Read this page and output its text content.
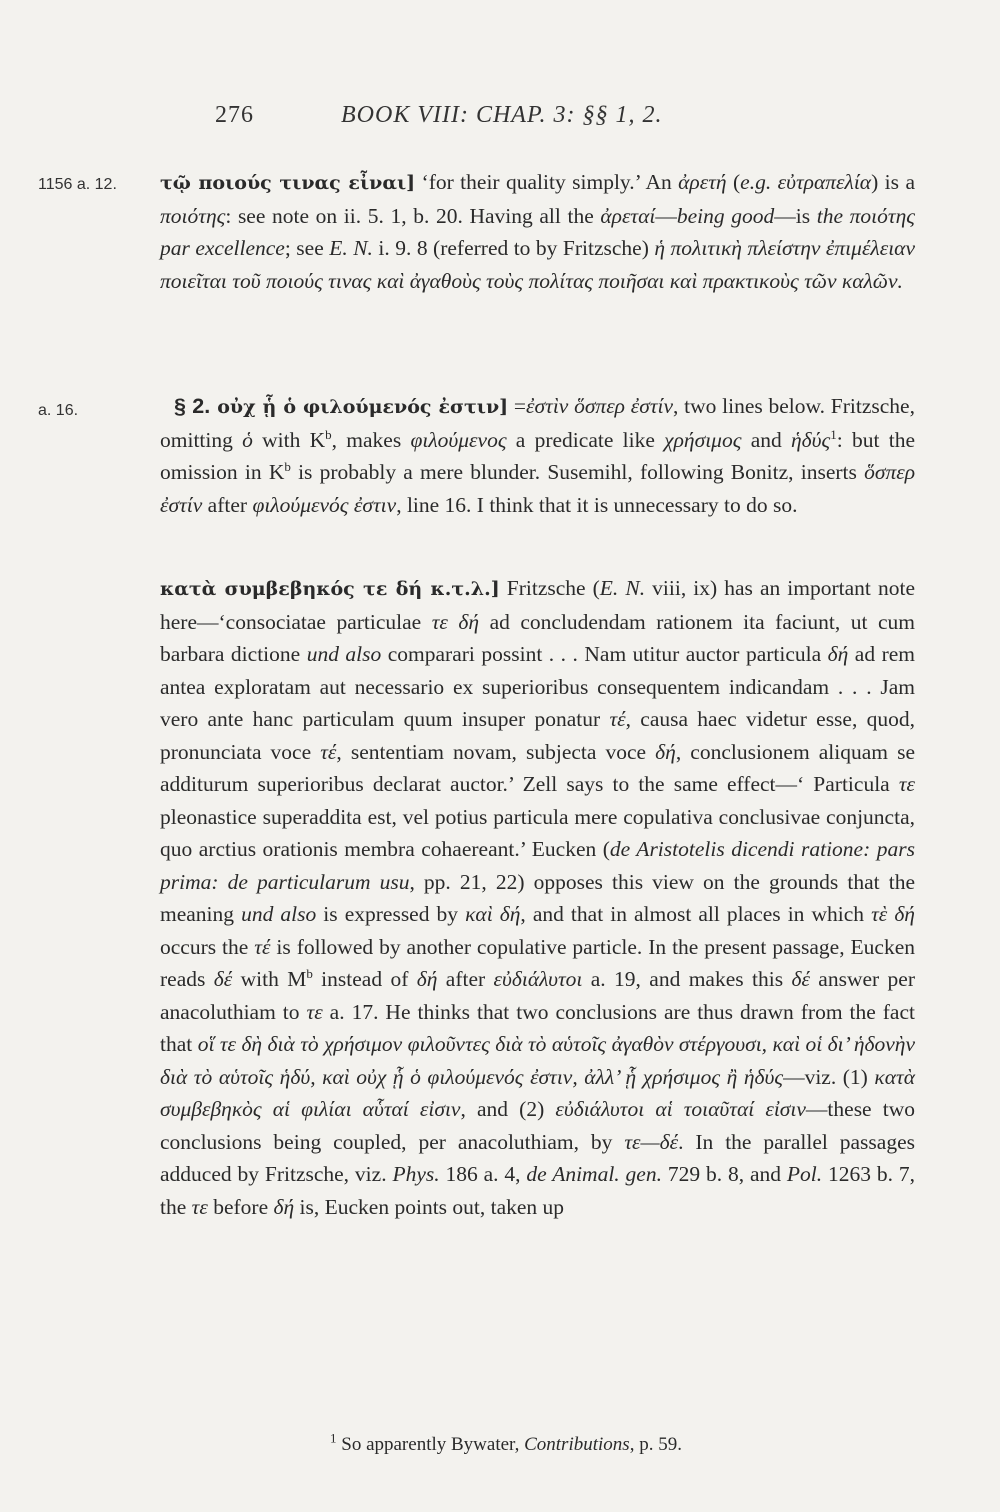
276	BOOK VIII: CHAP. 3: §§ 1, 2.
1156 a. 12.
a. 16.
τῷ ποιούς τινας εἶναι] ‘for their quality simply.’ An ἀρετή (e.g. εὐτραπελία) is a ποιότης: see note on ii. 5. 1, b. 20. Having all the ἀρεταί—being good—is the ποιότης par excellence; see E. N. i. 9. 8 (referred to by Fritzsche) ἡ πολιτικὴ πλείστην ἐπιμέλειαν ποιεῖται τοῦ ποιούς τινας καὶ ἀγαθοὺς τοὺς πολίτας ποιῆσαι καὶ πρακτικοὺς τῶν καλῶν.
§ 2. οὐχ ᾗ ὁ φιλούμενός ἐστιν] =ἐστὶν ὅσπερ ἐστίν, two lines below. Fritzsche, omitting ὁ with $K^b$, makes φιλούμενος a predicate like χρήσιμος and ἡδύς$^1$: but the omission in $K^b$ is probably a mere blunder. Susemihl, following Bonitz, inserts ὅσπερ ἐστίν after φιλούμενός ἐστιν, line 16. I think that it is unnecessary to do so.
κατὰ συμβεβηκός τε δή κ.τ.λ.] Fritzsche (E. N. viii, ix) has an important note here—‘consociatae particulae τε δή ad concludendam rationem ita faciunt, ut cum barbara dictione und also comparari possint . . . Nam utitur auctor particula δή ad rem antea exploratam aut necessario ex superioribus consequentem indicandam . . . Jam vero ante hanc particulam quum insuper ponatur τέ, causa haec videtur esse, quod, pronunciata voce τέ, sententiam novam, subjecta voce δή, conclusionem aliquam se additurum superioribus declarat auctor.’ Zell says to the same effect—‘ Particula τε pleonastice superaddita est, vel potius particula mere copulativa conclusivae conjuncta, quo arctius orationis membra cohaereant.’ Eucken (de Aristotelis dicendi ratione: pars prima: de particularum usu, pp. 21, 22) opposes this view on the grounds that the meaning und also is expressed by καὶ δή, and that in almost all places in which τὲ δή occurs the τέ is followed by another copulative particle. In the present passage, Eucken reads δέ with $M^b$ instead of δή after εὐδιάλυτοι a. 19, and makes this δέ answer per anacoluthiam to τε a. 17. He thinks that two conclusions are thus drawn from the fact that οἵ τε δὴ διὰ τὸ χρήσιμον φιλοῦντες διὰ τὸ αὑτοῖς ἀγαθὸν στέργουσι, καὶ οἱ δι’ ἡδονὴν διὰ τὸ αὑτοῖς ἡδύ, καὶ οὐχ ᾗ ὁ φιλούμενός ἐστιν, ἀλλ’ ᾗ χρήσιμος ἢ ἡδύς—viz. (1) κατὰ συμβεβηκὸς αἱ φιλίαι αὗταί εἰσιν, and (2) εὐδιάλυτοι αἱ τοιαῦταί εἰσιν—these two conclusions being coupled, per anacoluthiam, by τε—δέ. In the parallel passages adduced by Fritzsche, viz. Phys. 186 a. 4, de Animal. gen. 729 b. 8, and Pol. 1263 b. 7, the τε before δή is, Eucken points out, taken up
$^1$ So apparently Bywater, Contributions, p. 59.
